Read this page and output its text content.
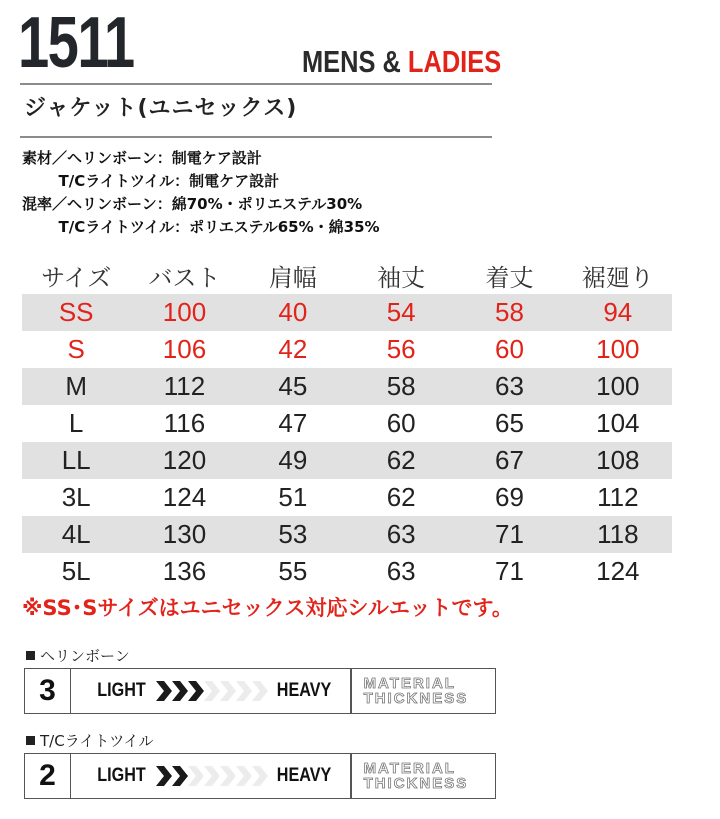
1511	MENS & LADIES
ジャケット(ユニセックス)
素材／ヘリンボーン：制電ケア設計
T/Cライトツイル：制電ケア設計
混率／ヘリンボーン：綿70%・ポリエステル30%
T/Cライトツイル：ポリエステル65%・綿35%
サイズ	バスト	肩幅	袖丈	着丈	裾廻り
SS	100	40	54	58	94
S	106	42	56	60	100
M	112	45	58	63	100
L	116	47	60	65	104
LL	120	49	62	67	108
3L	124	51	62	69	112
4L	130	53	63	71	118
5L	136	55	63	71	124
※SS･Sサイズはユニセックス対応シルエットです。
ヘリンボーン
3	LIGHT	HEAVY MATERIAL
THICKNESS
T/Cライトツイル
2	LIGHT	HEAVY MATERIAL
THICKNESS
